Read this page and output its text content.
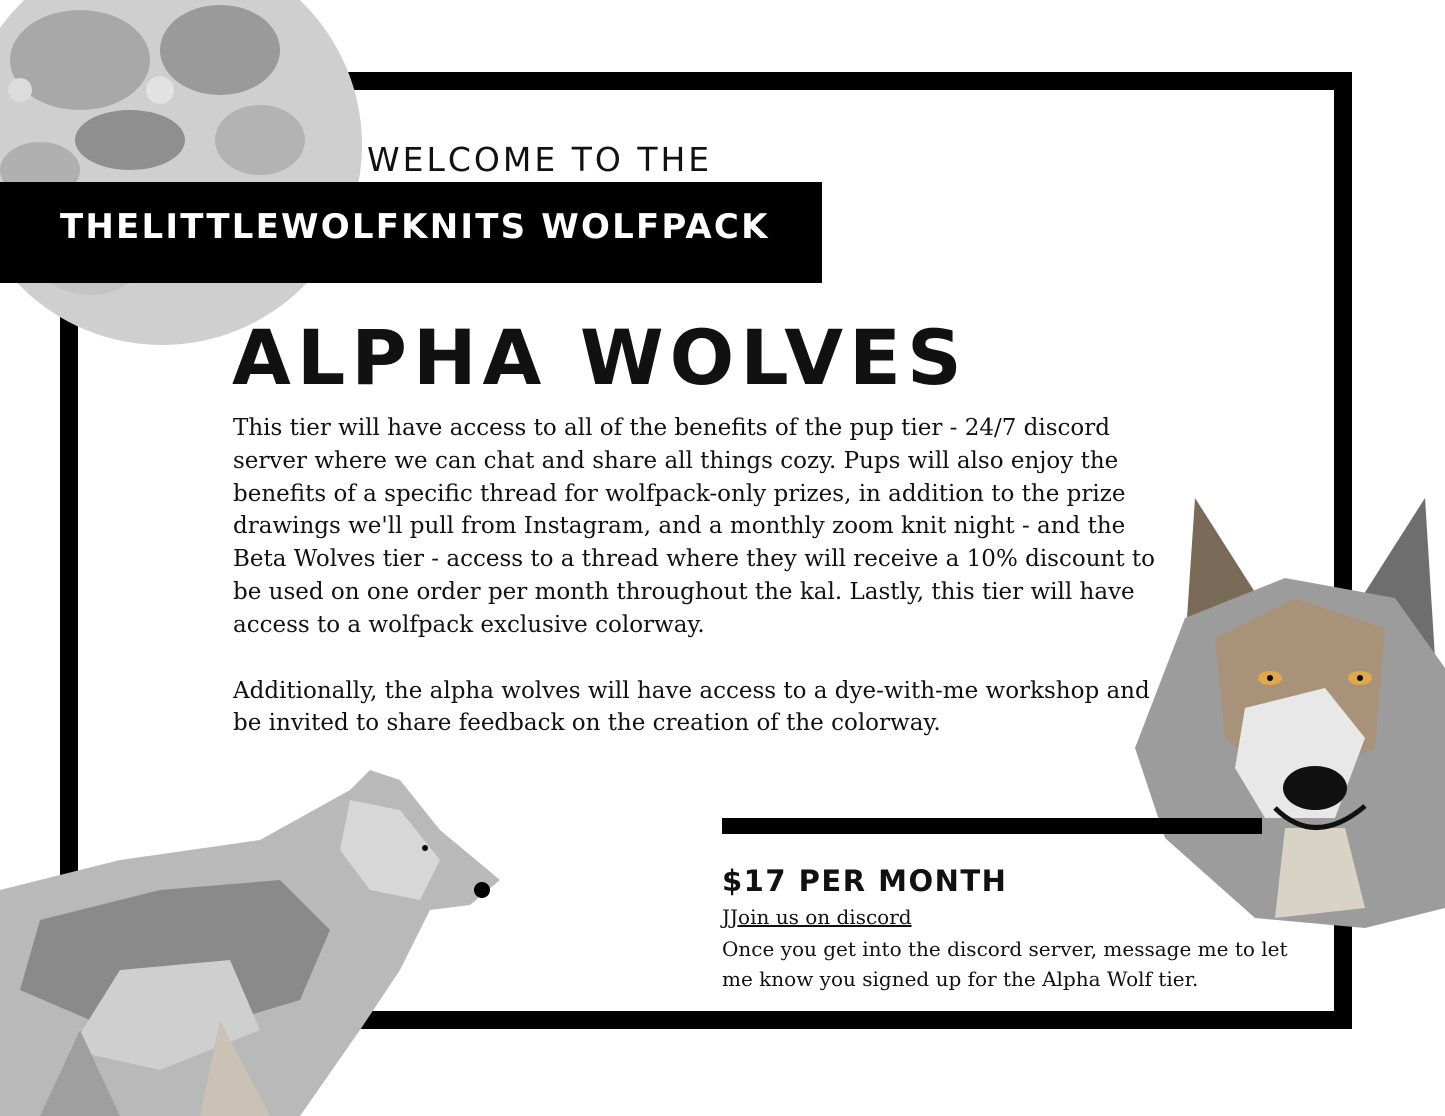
WELCOME TO THE
THELITTLEWOLFKNITS WOLFPACK
ALPHA WOLVES

This tier will have access to all of the benefits of the pup tier - 24/7 discord server where we can chat and share all things cozy. Pups will also enjoy the benefits of a specific thread for wolfpack-only prizes, in addition to the prize drawings we'll pull from Instagram, and a monthly zoom knit night - and the Beta Wolves tier - access to a thread where they will receive a 10% discount to be used on one order per month throughout the kal. Lastly, this tier will have access to a wolfpack exclusive colorway.

Additionally, the alpha wolves will have access to a dye-with-me workshop and be invited to share feedback on the creation of the colorway.

$17 PER MONTH
JJoin us on discord
Once you get into the discord server, message me to let me know you signed up for the Alpha Wolf tier.
